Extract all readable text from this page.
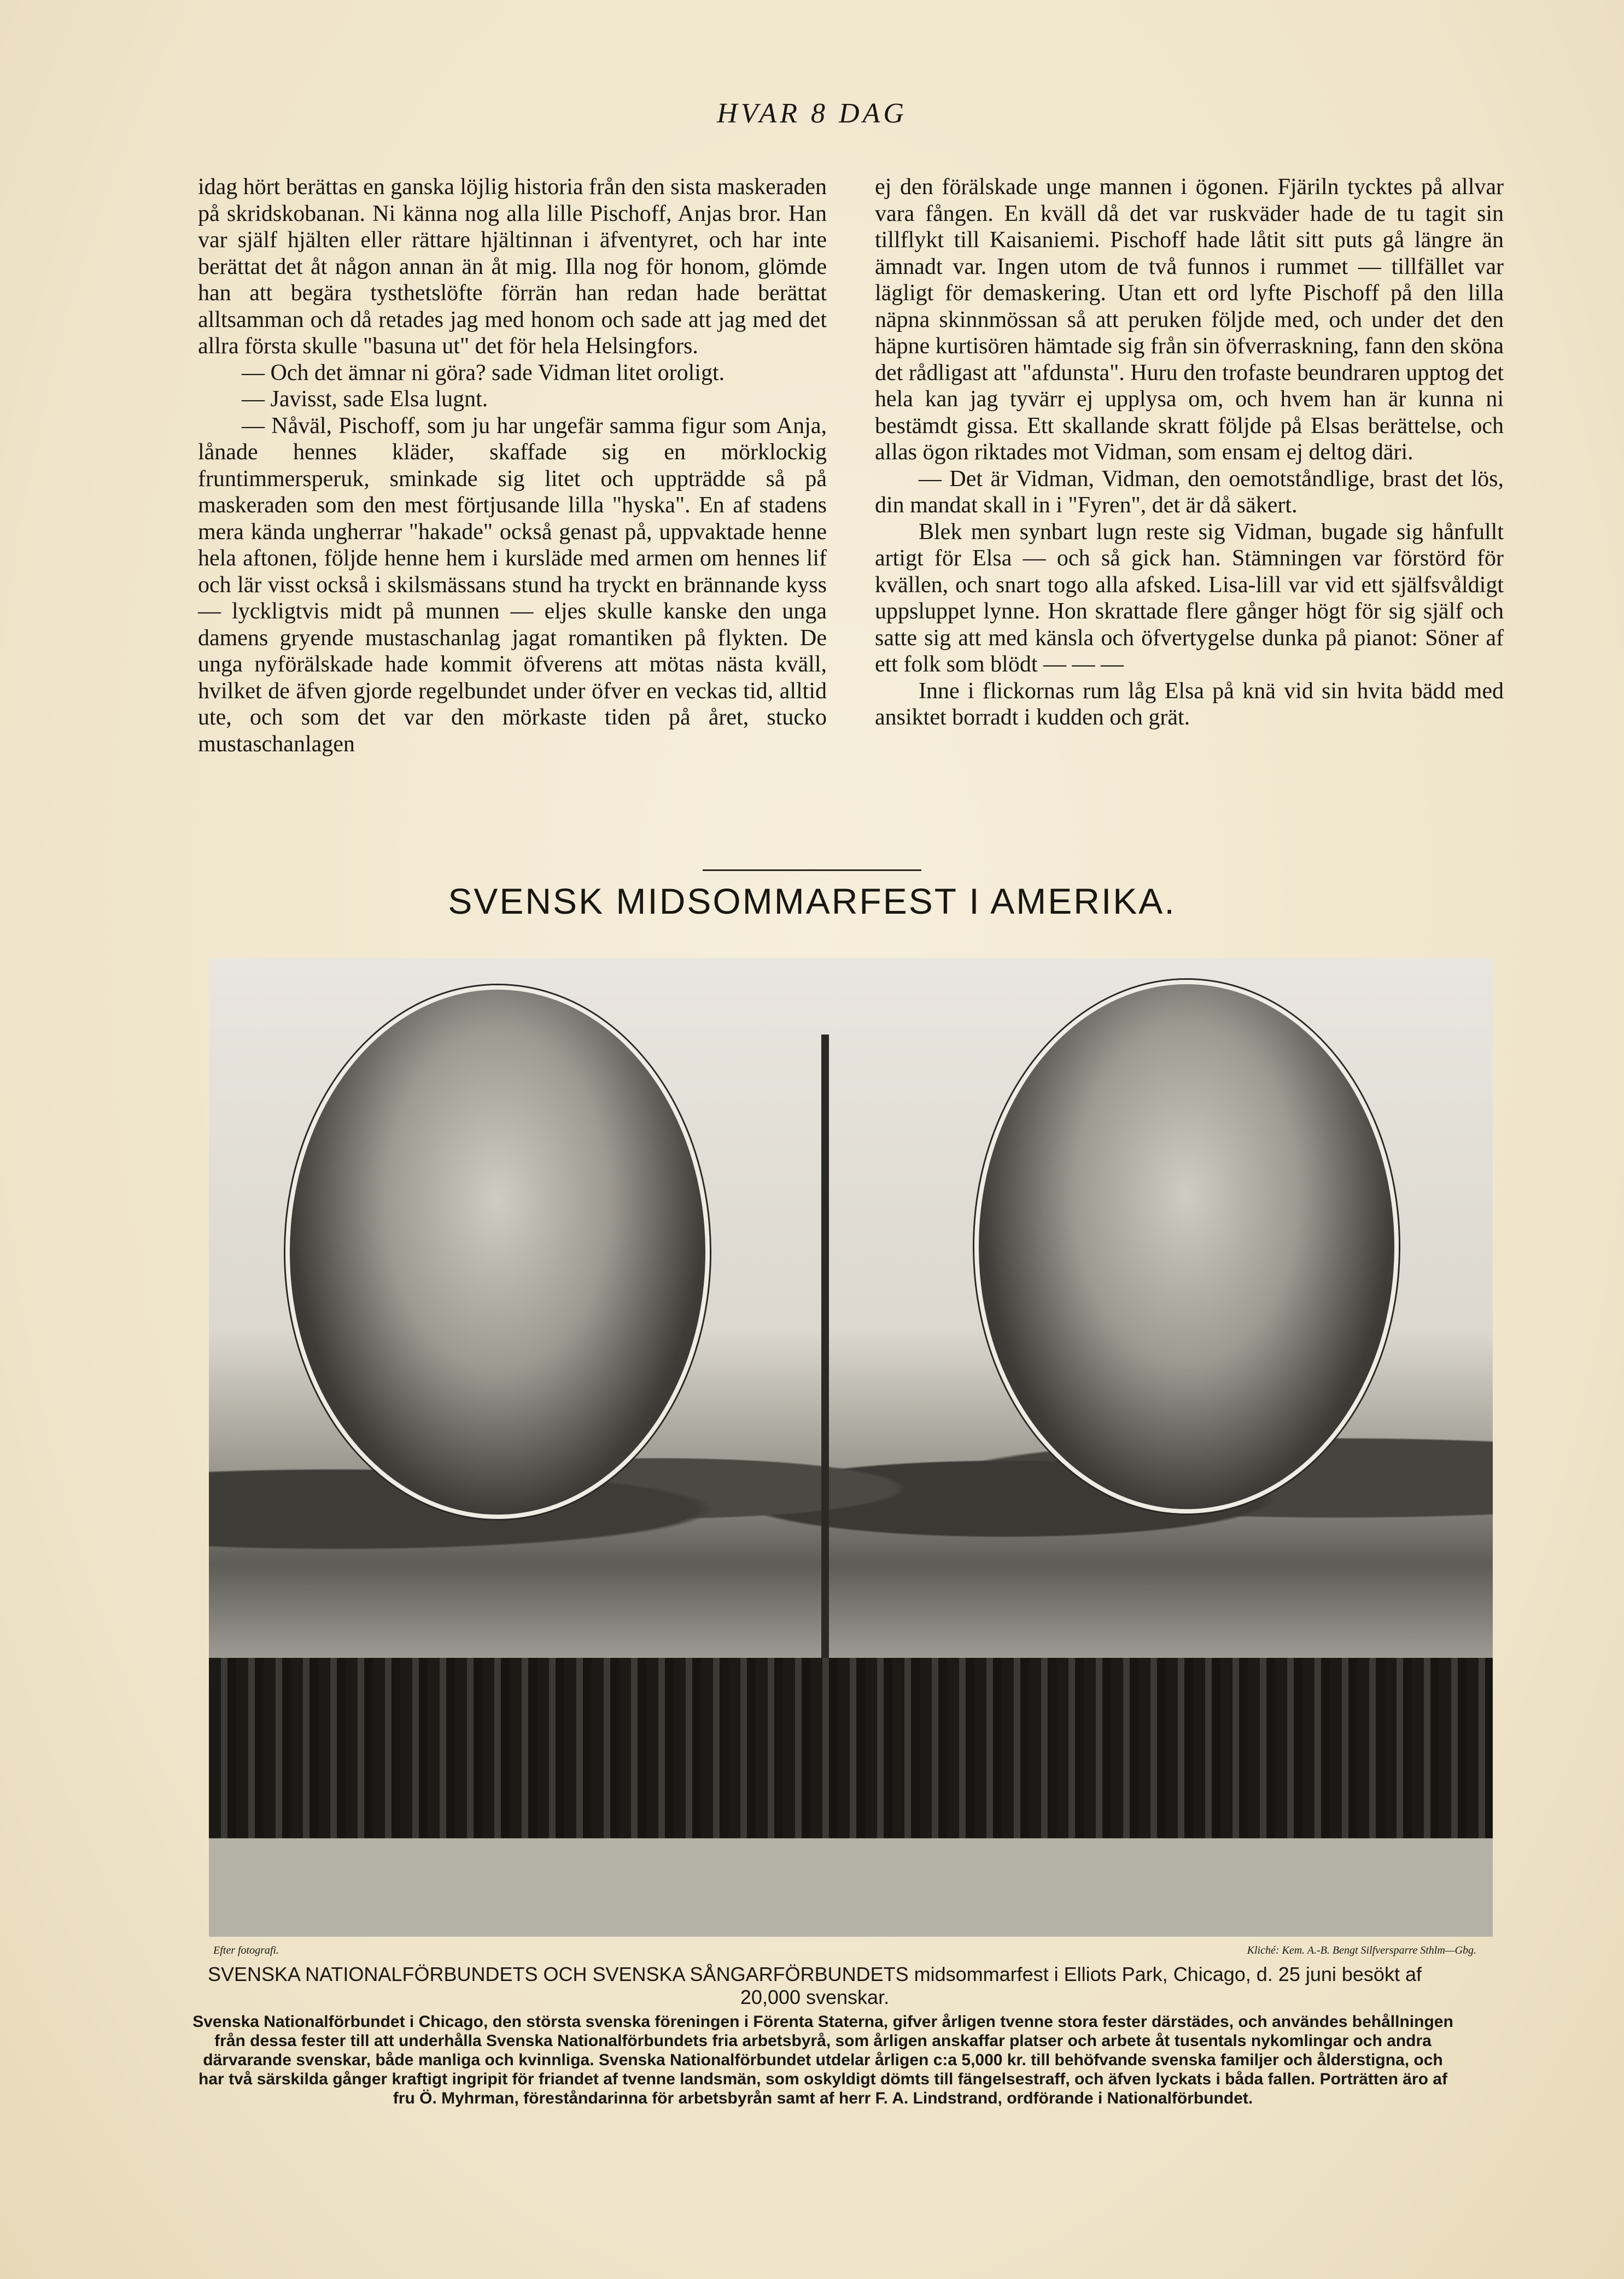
HVAR 8 DAG

idag hört berättas en ganska löjlig historia från den sista maskeraden på skridskobanan. Ni känna nog alla lille Pischoff, Anjas bror. Han var själf hjälten eller rättare hjältinnan i äfventyret, och har inte berättat det åt någon annan än åt mig. Illa nog för honom, glömde han att begära tysthetslöfte förrän han redan hade berättat alltsamman och då retades jag med honom och sade att jag med det allra första skulle "basuna ut" det för hela Helsingfors.

— Och det ämnar ni göra? sade Vidman litet oroligt.

— Javisst, sade Elsa lugnt.

— Nåväl, Pischoff, som ju har ungefär samma figur som Anja, lånade hennes kläder, skaffade sig en mörklockig fruntimmersperuk, sminkade sig litet och uppträdde så på maskeraden som den mest förtjusande lilla "hyska". En af stadens mera kända ungherrar "hakade" också genast på, uppvaktade henne hela aftonen, följde henne hem i kursläde med armen om hennes lif och lär visst också i skilsmässans stund ha tryckt en brännande kyss — lyckligtvis midt på munnen — eljes skulle kanske den unga damens gryende mustaschanlag jagat romantiken på flykten. De unga nyförälskade hade kommit öfverens att mötas nästa kväll, hvilket de äfven gjorde regelbundet under öfver en veckas tid, alltid ute, och som det var den mörkaste tiden på året, stucko mustaschanlagen

ej den förälskade unge mannen i ögonen. Fjäriln tycktes på allvar vara fången. En kväll då det var ruskväder hade de tu tagit sin tillflykt till Kaisaniemi. Pischoff hade låtit sitt puts gå längre än ämnadt var. Ingen utom de två funnos i rummet — tillfället var lägligt för demaskering. Utan ett ord lyfte Pischoff på den lilla näpna skinnmössan så att peruken följde med, och under det den häpne kurtisören hämtade sig från sin öfverraskning, fann den sköna det rådligast att "afdunsta". Huru den trofaste beundraren upptog det hela kan jag tyvärr ej upplysa om, och hvem han är kunna ni bestämdt gissa. Ett skallande skratt följde på Elsas berättelse, och allas ögon riktades mot Vidman, som ensam ej deltog däri.

— Det är Vidman, Vidman, den oemotståndlige, brast det lös, din mandat skall in i "Fyren", det är då säkert.

Blek men synbart lugn reste sig Vidman, bugade sig hånfullt artigt för Elsa — och så gick han. Stämningen var förstörd för kvällen, och snart togo alla afsked. Lisa-lill var vid ett själfsvåldigt uppsluppet lynne. Hon skrattade flere gånger högt för sig själf och satte sig att med känsla och öfvertygelse dunka på pianot: Söner af ett folk som blödt — — —

Inne i flickornas rum låg Elsa på knä vid sin hvita bädd med ansiktet borradt i kudden och grät.

SVENSK MIDSOMMARFEST I AMERIKA.
Efter fotografi.	Kliché: Kem. A.-B. Bengt Silfversparre Sthlm—Gbg.
SVENSKA NATIONALFÖRBUNDETS OCH SVENSKA SÅNGARFÖRBUNDETS midsommarfest i Elliots Park, Chicago, d. 25 juni besökt af 20,000 svenskar.
Svenska Nationalförbundet i Chicago, den största svenska föreningen i Förenta Staterna, gifver årligen tvenne stora fester därstädes, och användes behållningen från dessa fester till att underhålla Svenska Nationalförbundets fria arbetsbyrå, som årligen anskaffar platser och arbete åt tusentals nykomlingar och andra därvarande svenskar, både manliga och kvinnliga. Svenska Nationalförbundet utdelar årligen c:a 5,000 kr. till behöfvande svenska familjer och ålderstigna, och har två särskilda gånger kraftigt ingripit för friandet af tvenne landsmän, som oskyldigt dömts till fängelsestraff, och äfven lyckats i båda fallen. Porträtten äro af fru Ö. Myhrman, föreståndarinna för arbetsbyrån samt af herr F. A. Lindstrand, ordförande i Nationalförbundet.
